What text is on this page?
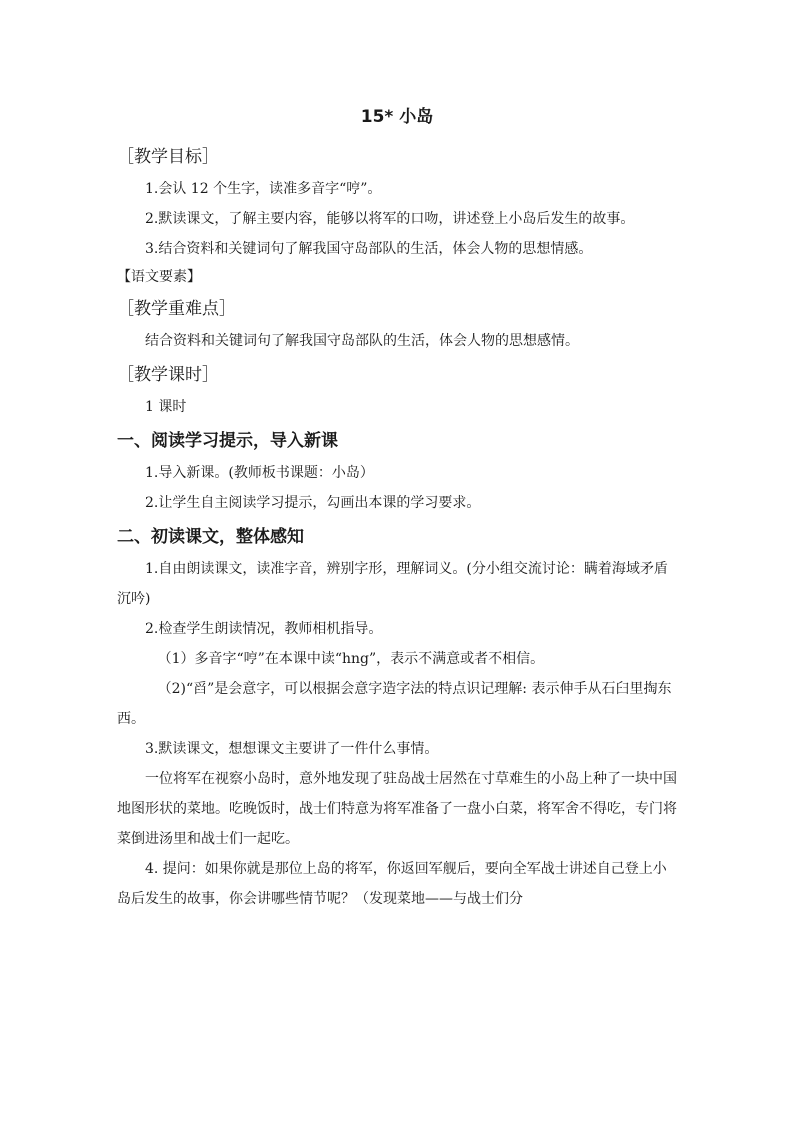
15* 小岛
［教学目标］

1.会认 12 个生字，读准多音字“哼”。

2.默读课文，了解主要内容，能够以将军的口吻，讲述登上小岛后发生的故事。

3.结合资料和关键词句了解我国守岛部队的生活，体会人物的思想情感。

【语文要素】
［教学重难点］

结合资料和关键词句了解我国守岛部队的生活，体会人物的思想感情。

［教学课时］

1 课时

一、阅读学习提示，导入新课

1.导入新课。(教师板书课题：小岛）

2.让学生自主阅读学习提示，勾画出本课的学习要求。

二、初读课文，整体感知

1.自由朗读课文，读准字音，辨别字形，理解词义。(分小组交流讨论：瞒着海域矛盾沉吟)

2.检查学生朗读情况，教师相机指导。

（1）多音字“哼”在本课中读“hng”，表示不满意或者不相信。

（2)“舀”是会意字，可以根据会意字造字法的特点识记理解: 表示伸手从石臼里掏东西。

3.默读课文，想想课文主要讲了一件什么事情。

一位将军在视察小岛时，意外地发现了驻岛战士居然在寸草难生的小岛上种了一块中国地图形状的菜地。吃晚饭时，战士们特意为将军准备了一盘小白菜，将军舍不得吃，专门将菜倒进汤里和战士们一起吃。

4. 提问：如果你就是那位上岛的将军，你返回军舰后，要向全军战士讲述自己登上小岛后发生的故事，你会讲哪些情节呢？（发现菜地——与战士们分
